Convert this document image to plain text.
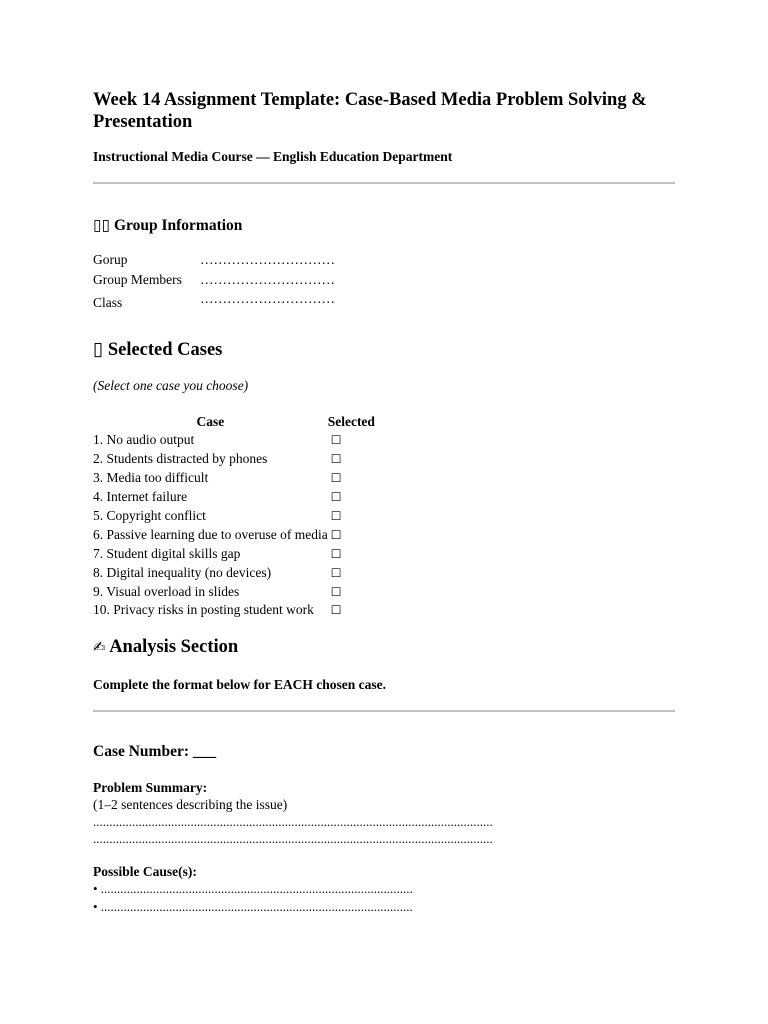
Week 14 Assignment Template: Case-Based Media Problem Solving & Presentation
Instructional Media Course — English Education Department
▯▯ Group Information
Gorup	…………………………
Group Members	…………………………
Class	…………………………
▯ Selected Cases
(Select one case you choose)
Case	Selected
1. No audio output	☐
2. Students distracted by phones	☐
3. Media too difficult	☐
4. Internet failure	☐
5. Copyright conflict	☐
6. Passive learning due to overuse of media	☐
7. Student digital skills gap	☐
8. Digital inequality (no devices)	☐
9. Visual overload in slides	☐
10. Privacy risks in posting student work	☐
✍ Analysis Section
Complete the format below for EACH chosen case.
Case Number: ___
Problem Summary:
(1–2 sentences describing the issue)
...........................................................................................................................
...........................................................................................................................
Possible Cause(s):
• ................................................................................................
• ................................................................................................
